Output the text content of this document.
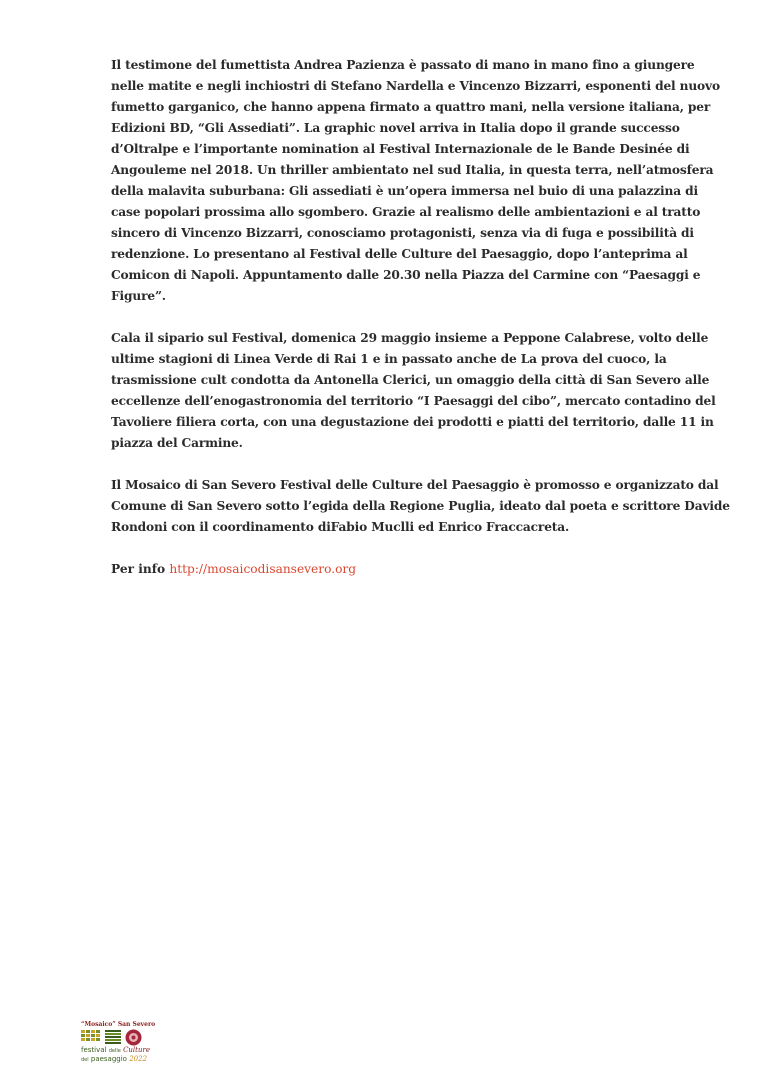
Il testimone del fumettista Andrea Pazienza è passato di mano in mano fino a giungere
nelle matite e negli inchiostri di Stefano Nardella e Vincenzo Bizzarri, esponenti del nuovo
fumetto garganico, che hanno appena firmato a quattro mani, nella versione italiana, per
Edizioni BD, “Gli Assediati”. La graphic novel arriva in Italia dopo il grande successo
d’Oltralpe e l’importante nomination al Festival Internazionale de le Bande Desinée di
Angouleme nel 2018. Un thriller ambientato nel sud Italia, in questa terra, nell’atmosfera
della malavita suburbana: Gli assediati è un’opera immersa nel buio di una palazzina di
case popolari prossima allo sgombero. Grazie al realismo delle ambientazioni e al tratto
sincero di Vincenzo Bizzarri, conosciamo protagonisti, senza via di fuga e possibilità di
redenzione. Lo presentano al Festival delle Culture del Paesaggio, dopo l’anteprima al
Comicon di Napoli. Appuntamento dalle 20.30 nella Piazza del Carmine con “Paesaggi e
Figure”.

Cala il sipario sul Festival, domenica 29 maggio insieme a Peppone Calabrese, volto delle
ultime stagioni di Linea Verde di Rai 1 e in passato anche de La prova del cuoco, la
trasmissione cult condotta da Antonella Clerici, un omaggio della città di San Severo alle
eccellenze dell’enogastronomia del territorio “I Paesaggi del cibo”, mercato contadino del
Tavoliere filiera corta, con una degustazione dei prodotti e piatti del territorio, dalle 11 in
piazza del Carmine.

Il Mosaico di San Severo Festival delle Culture del Paesaggio è promosso e organizzato dal
Comune di San Severo sotto l’egida della Regione Puglia, ideato dal poeta e scrittore Davide
Rondoni con il coordinamento diFabio Muclli ed Enrico Fraccacreta.

Per info http://mosaicodisansevero.org

“Mosaico” San Severo
festival delle Culture
del paesaggio 2022
